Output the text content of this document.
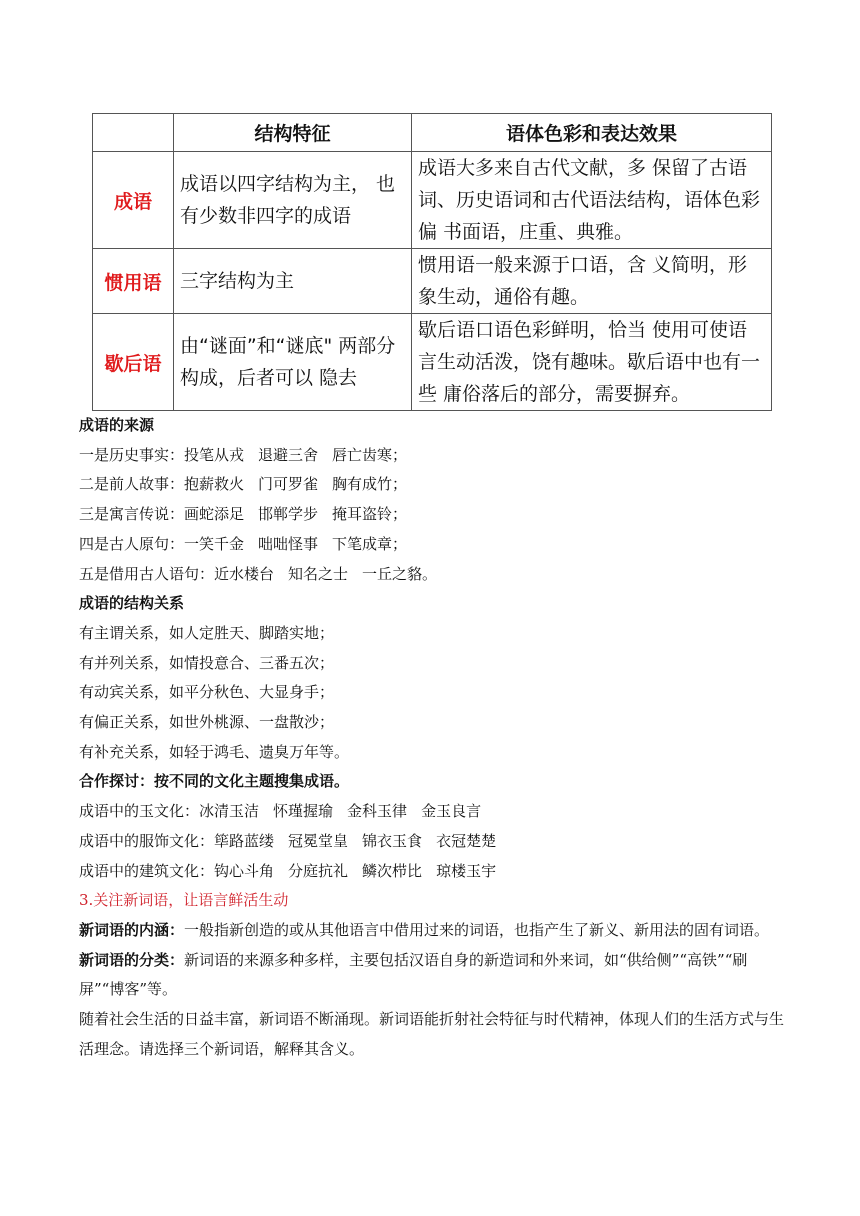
	结构特征	语体色彩和表达效果
成语	成语以四字结构为主， 也有少数非四字的成语	成语大多来自古代文献，多 保留了古语词、历史语词和古代语法结构，语体色彩偏 书面语，庄重、典雅。
惯用语	三字结构为主	惯用语一般来源于口语，含 义简明，形象生动，通俗有趣。
歇后语	由“谜面”和“谜底" 两部分构成，后者可以 隐去	歇后语口语色彩鲜明，恰当 使用可使语言生动活泼，饶有趣味。歇后语中也有一些 庸俗落后的部分，需要摒弃。
成语的来源
一是历史事实：投笔从戎 退避三舍 唇亡齿寒；
二是前人故事：抱薪救火 门可罗雀 胸有成竹；
三是寓言传说：画蛇添足 邯郸学步 掩耳盗铃；
四是古人原句：一笑千金 咄咄怪事 下笔成章；
五是借用古人语句：近水楼台 知名之士 一丘之貉。
成语的结构关系
有主谓关系，如人定胜天、脚踏实地；
有并列关系，如情投意合、三番五次；
有动宾关系，如平分秋色、大显身手；
有偏正关系，如世外桃源、一盘散沙；
有补充关系，如轻于鸿毛、遗臭万年等。
合作探讨：按不同的文化主题搜集成语。
成语中的玉文化：冰清玉洁 怀瑾握瑜 金科玉律 金玉良言
成语中的服饰文化：筚路蓝缕 冠冕堂皇 锦衣玉食 衣冠楚楚
成语中的建筑文化：钩心斗角 分庭抗礼 鳞次栉比 琼楼玉宇
3.关注新词语，让语言鲜活生动
新词语的内涵：一般指新创造的或从其他语言中借用过来的词语，也指产生了新义、新用法的固有词语。
新词语的分类：新词语的来源多种多样，主要包括汉语自身的新造词和外来词，如“供给侧”“高铁”“刷屏”“博客”等。
随着社会生活的日益丰富，新词语不断涌现。新词语能折射社会特征与时代精神，体现人们的生活方式与生活理念。请选择三个新词语，解释其含义。
